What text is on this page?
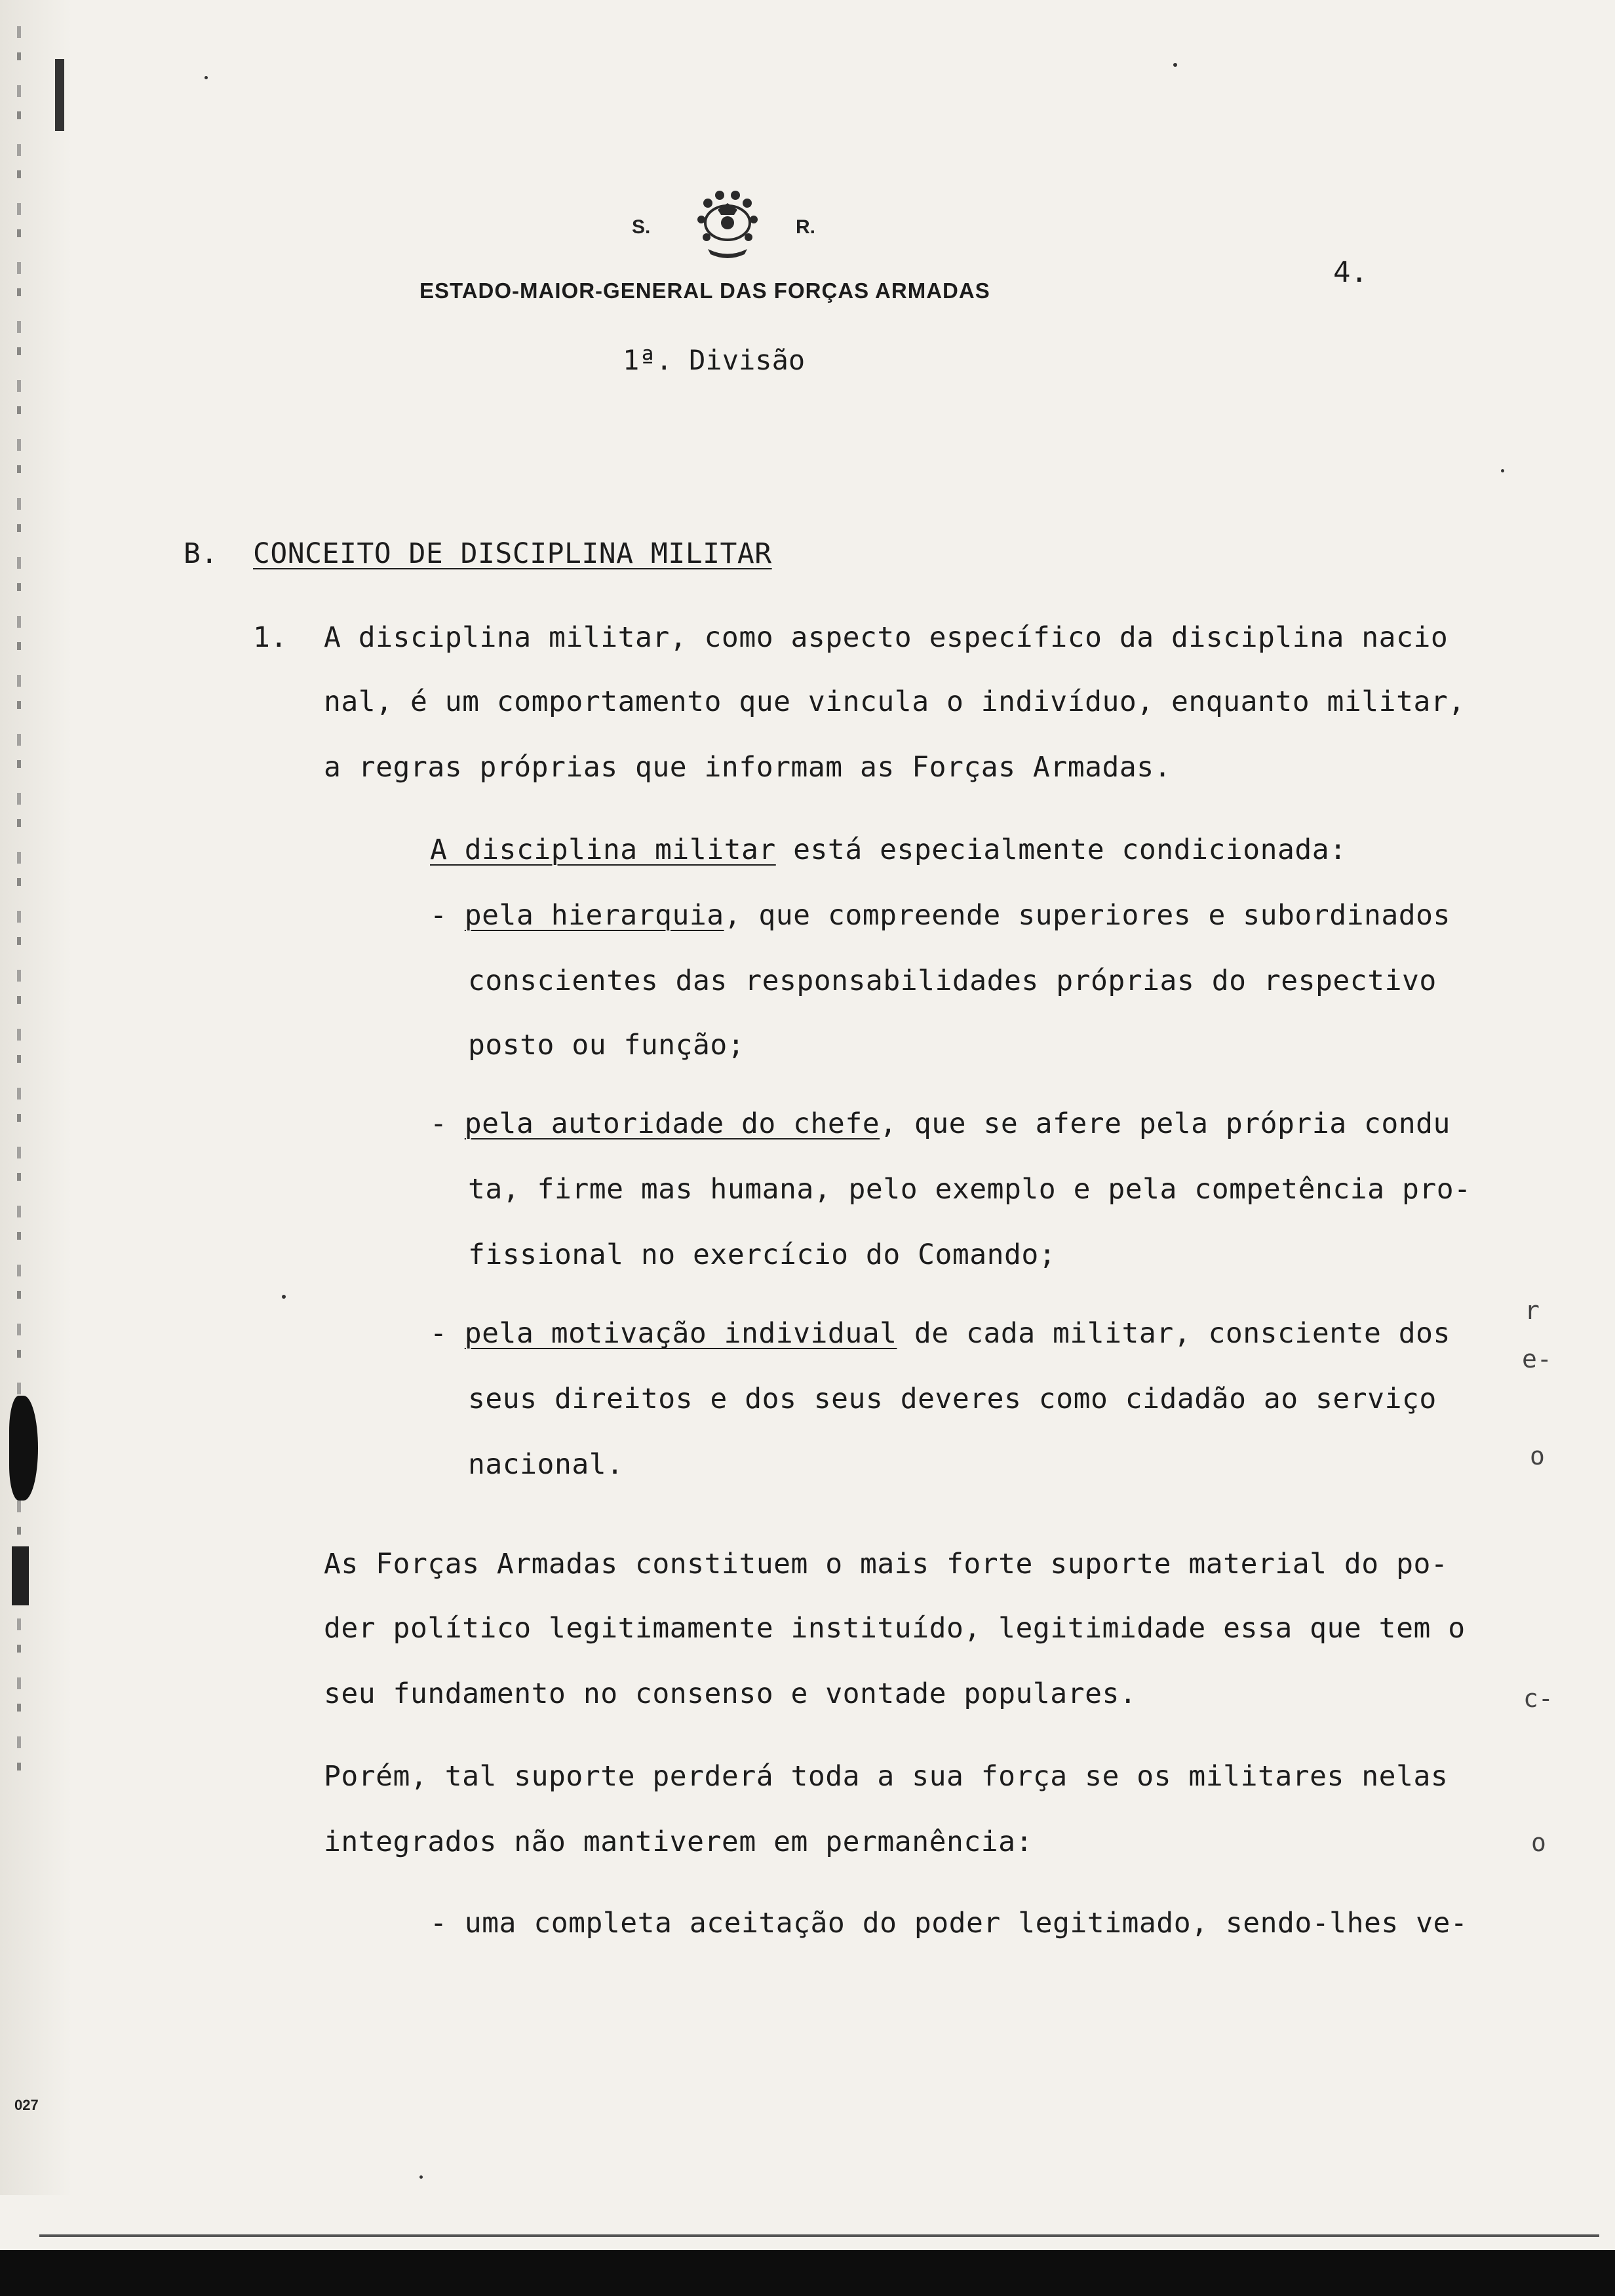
S.	R.
ESTADO-MAIOR-GENERAL DAS FORÇAS ARMADAS
4.
1ª. Divisão
B. CONCEITO DE DISCIPLINA MILITAR
1. A disciplina militar, como aspecto específico da disciplina nacio
nal, é um comportamento que vincula o indivíduo, enquanto militar,
a regras próprias que informam as Forças Armadas.
A disciplina militar está especialmente condicionada:
- pela hierarquia, que compreende superiores e subordinados
conscientes das responsabilidades próprias do respectivo
posto ou função;
- pela autoridade do chefe, que se afere pela própria condu
ta, firme mas humana, pelo exemplo e pela competência pro-
fissional no exercício do Comando;
- pela motivação individual de cada militar, consciente dos
seus direitos e dos seus deveres como cidadão ao serviço
nacional.
As Forças Armadas constituem o mais forte suporte material do po-
der político legitimamente instituído, legitimidade essa que tem o
seu fundamento no consenso e vontade populares.
Porém, tal suporte perderá toda a sua força se os militares nelas
integrados não mantiverem em permanência:
- uma completa aceitação do poder legitimado, sendo-lhes ve-
r
e-
o
c-
o
027
